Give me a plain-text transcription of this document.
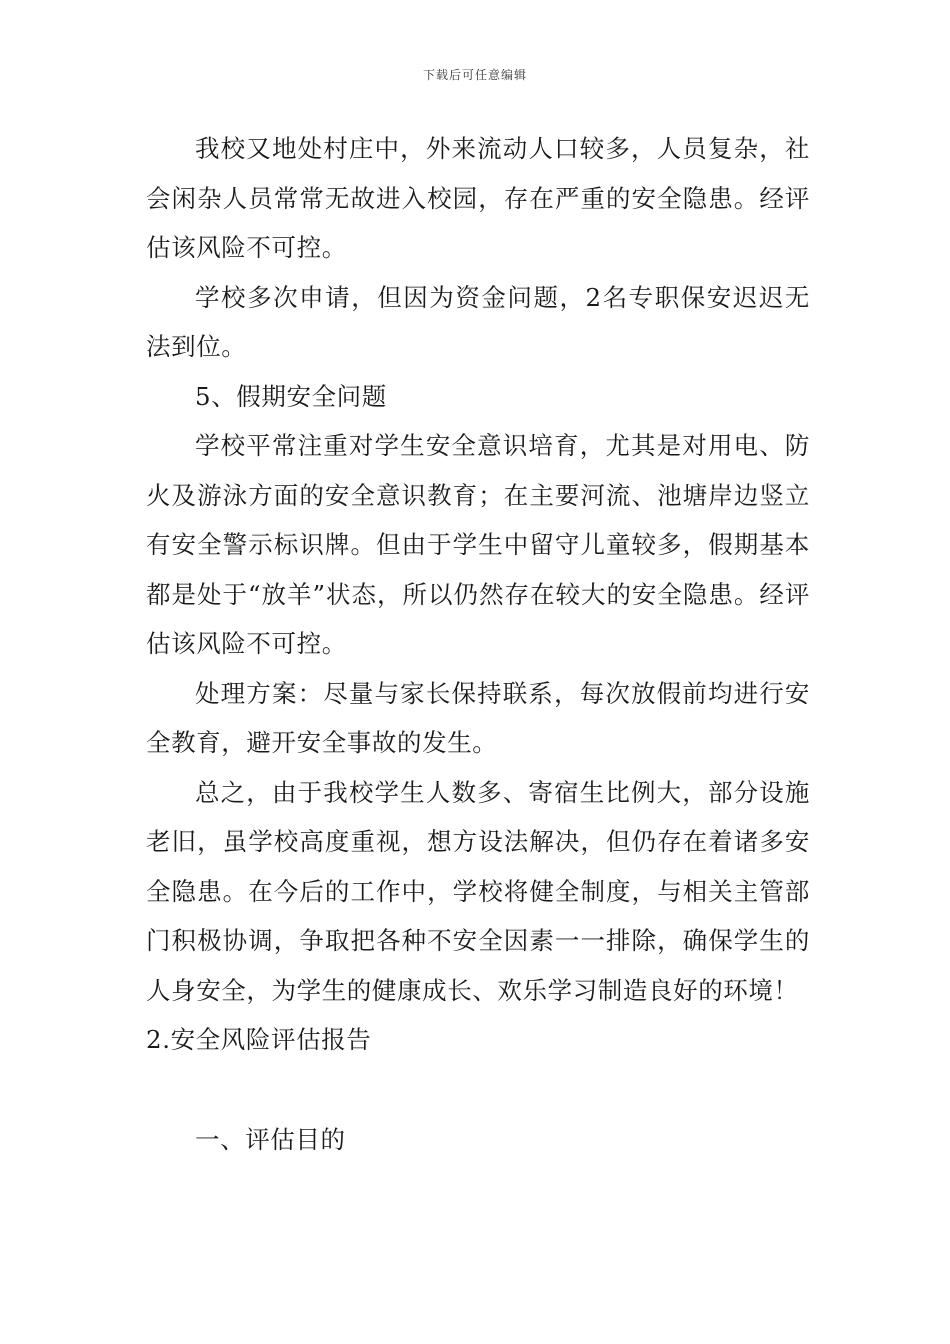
下载后可任意编辑

我校又地处村庄中，外来流动人口较多，人员复杂，社会闲杂人员常常无故进入校园，存在严重的安全隐患。经评估该风险不可控。

学校多次申请，但因为资金问题，2名专职保安迟迟无法到位。

5、假期安全问题

学校平常注重对学生安全意识培育，尤其是对用电、防火及游泳方面的安全意识教育；在主要河流、池塘岸边竖立有安全警示标识牌。但由于学生中留守儿童较多，假期基本都是处于“放羊”状态，所以仍然存在较大的安全隐患。经评估该风险不可控。

处理方案：尽量与家长保持联系，每次放假前均进行安全教育，避开安全事故的发生。

总之，由于我校学生人数多、寄宿生比例大，部分设施老旧，虽学校高度重视，想方设法解决，但仍存在着诸多安全隐患。在今后的工作中，学校将健全制度，与相关主管部门积极协调，争取把各种不安全因素一一排除，确保学生的人身安全，为学生的健康成长、欢乐学习制造良好的环境！

2.安全风险评估报告

一、评估目的
